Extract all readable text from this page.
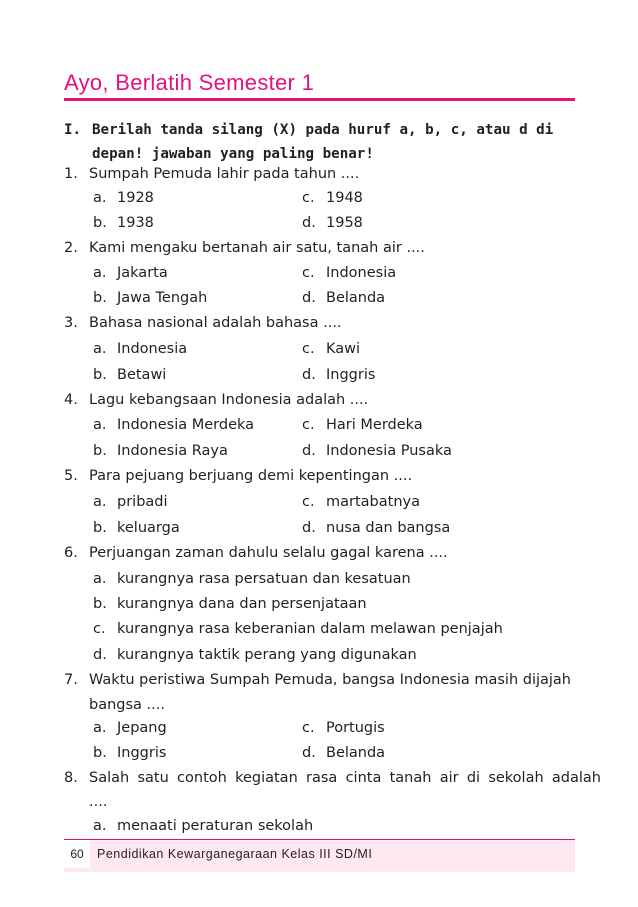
Ayo, Berlatih Semester 1
I. Berilah tanda silang (X) pada huruf a, b, c, atau d di depan! jawaban yang paling benar!
1. Sumpah Pemuda lahir pada tahun ....
a. 1928	c. 1948
b. 1938	d. 1958
2. Kami mengaku bertanah air satu, tanah air ....
a. Jakarta	c. Indonesia
b. Jawa Tengah	d. Belanda
3. Bahasa nasional adalah bahasa ....
a. Indonesia	c. Kawi
b. Betawi	d. Inggris
4. Lagu kebangsaan Indonesia adalah ....
a. Indonesia Merdeka	c. Hari Merdeka
b. Indonesia Raya	d. Indonesia Pusaka
5. Para pejuang berjuang demi kepentingan ....
a. pribadi	c. martabatnya
b. keluarga	d. nusa dan bangsa
6. Perjuangan zaman dahulu selalu gagal karena ....
a. kurangnya rasa persatuan dan kesatuan
b. kurangnya dana dan persenjataan
c. kurangnya rasa keberanian dalam melawan penjajah
d. kurangnya taktik perang yang digunakan
7. Waktu peristiwa Sumpah Pemuda, bangsa Indonesia masih dijajah bangsa ....
a. Jepang	c. Portugis
b. Inggris	d. Belanda
8. Salah satu contoh kegiatan rasa cinta tanah air di sekolah adalah
....
a. menaati peraturan sekolah
60	Pendidikan Kewarganegaraan Kelas III SD/MI
